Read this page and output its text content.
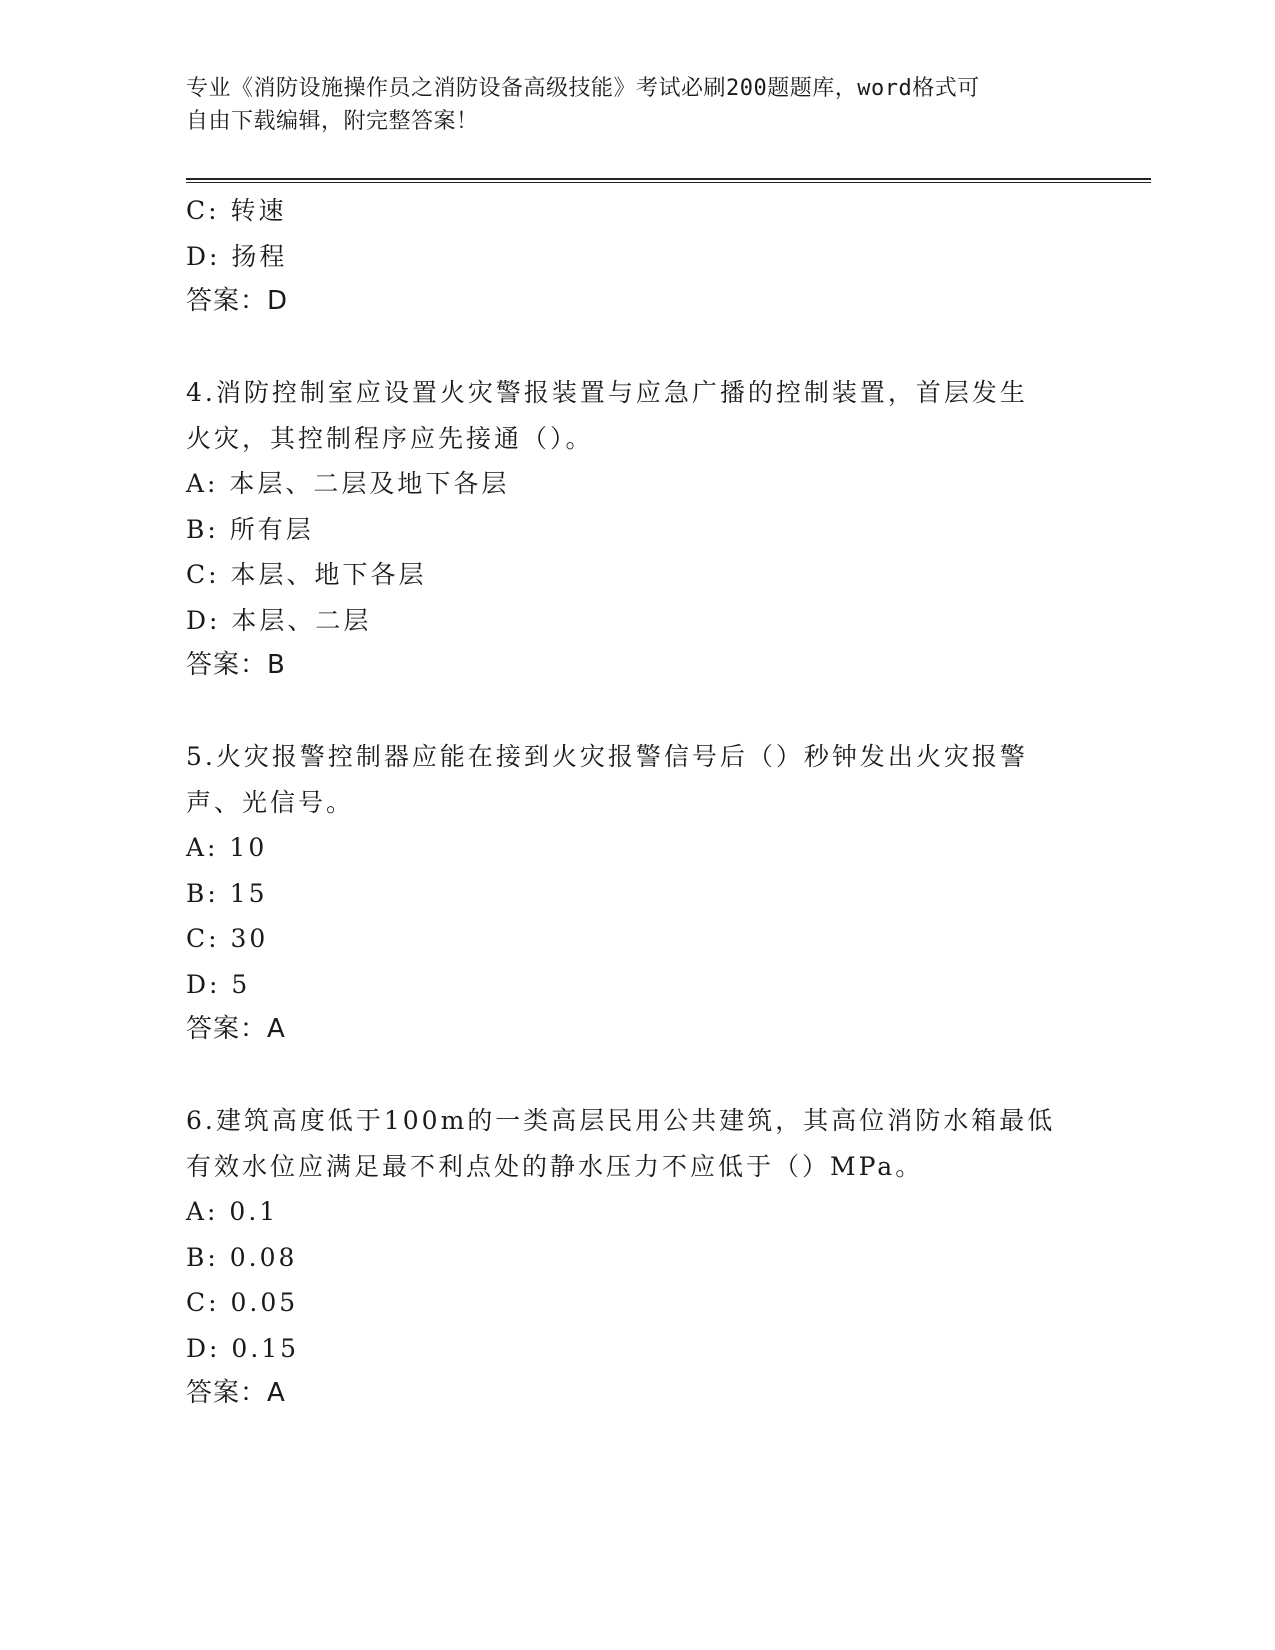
专业《消防设施操作员之消防设备高级技能》考试必刷200题题库，word格式可
自由下载编辑，附完整答案！
C: 转速
D: 扬程
答案：D
4.消防控制室应设置火灾警报装置与应急广播的控制装置，首层发生
火灾，其控制程序应先接通（）。
A: 本层、二层及地下各层
B: 所有层
C: 本层、地下各层
D: 本层、二层
答案：B
5.火灾报警控制器应能在接到火灾报警信号后（）秒钟发出火灾报警
声、光信号。
A: 10
B: 15
C: 30
D: 5
答案：A
6.建筑高度低于100m的一类高层民用公共建筑，其高位消防水箱最低
有效水位应满足最不利点处的静水压力不应低于（）MPa。
A: 0.1
B: 0.08
C: 0.05
D: 0.15
答案：A
